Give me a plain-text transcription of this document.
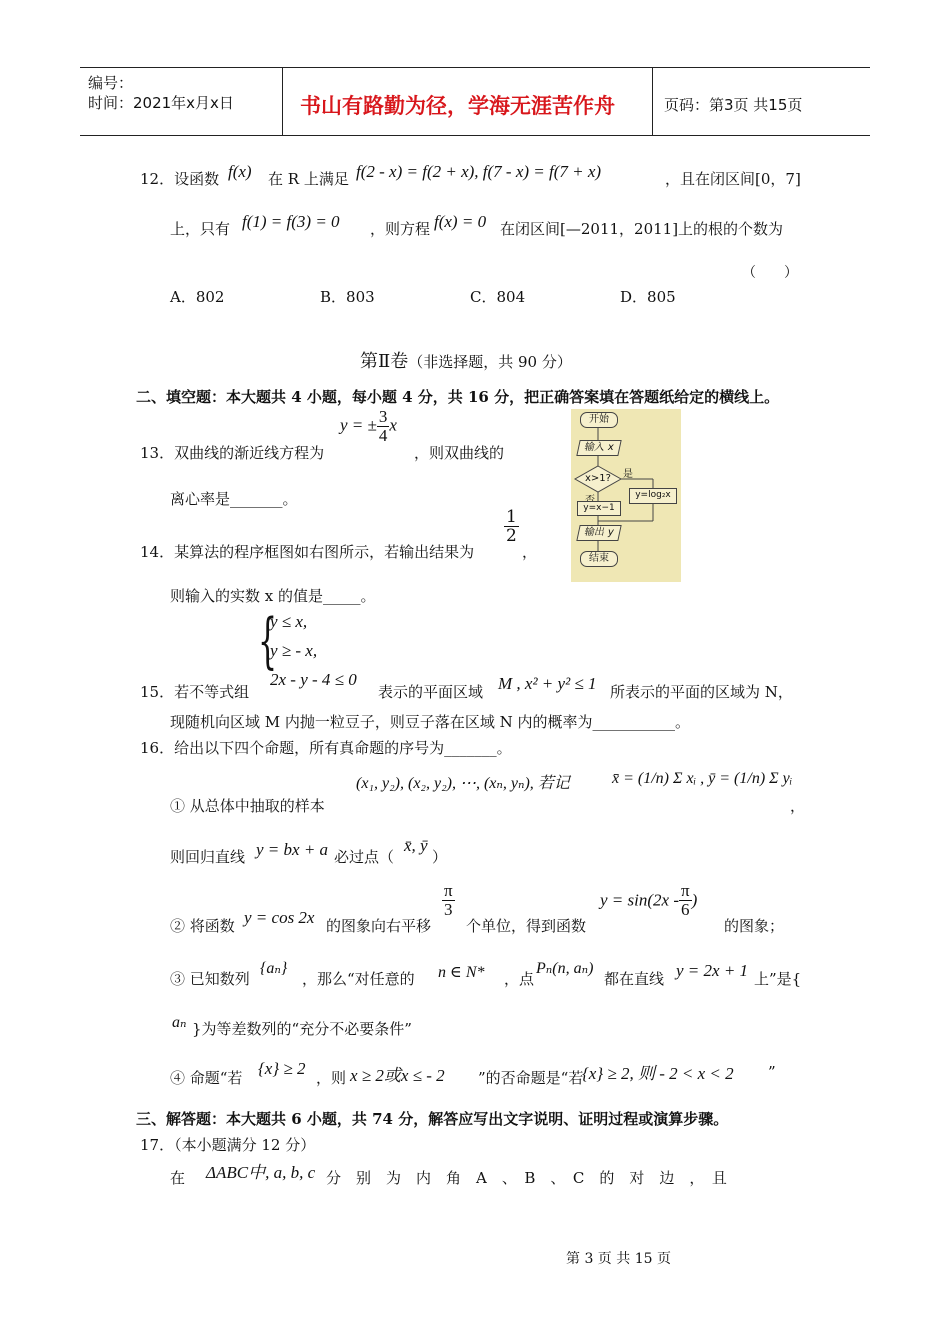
编号：
时间：2021年x月x日	书山有路勤为径，学海无涯苦作舟	页码：第3页 共15页
12．设函数 f(x) 在 R 上满足 f(2 - x) = f(2 + x), f(7 - x) = f(7 + x)	，且在闭区间[0，7]
上，只有 f(1) = f(3) = 0 ，则方程 f(x) = 0 在闭区间[—2011，2011]上的根的个数为
（　　）
A．802	B．803	C．804	D．805
第Ⅱ卷（非选择题，共 90 分）
二、填空题：本大题共 4 小题，每小题 4 分，共 16 分，把正确答案填在答题纸给定的横线上。
13．双曲线的渐近线方程为
y = ± $\frac{3}{4}$ x
，则双曲线的
离心率是_______。
14．某算法的程序框图如右图所示，若输出结果为
$\frac{1}{2}$
，
则输入的实数 x 的值是_____。
开始
输入 x
x>1? 是
y=log₂x
y=x−1
输出 y
结束
{
y ≤ x,
y ≥ - x,
2x - y - 4 ≤ 0
15．若不等式组	表示的平面区域 M , x² + y² ≤ 1 所表示的平面的区域为 N，
现随机向区域 M 内抛一粒豆子，则豆子落在区域 N 内的概率为___________。
16．给出以下四个命题，所有真命题的序号为_______。
(x₁, y₂), (x₂, y₂), ⋯, (xₙ, yₙ), 若记	x̄ = (1/n) Σ xᵢ , ȳ = (1/n) Σ yᵢ
① 从总体中抽取的样本	，
则回归直线 y = bx + a 必过点（
x̄, ȳ
）
② 将函数 y = cos 2x 的图象向右平移
$\frac{\pi}{3}$
个单位，得到函数
$y = \sin(2x - \frac{\pi}{6}$ )
的图象；
③ 已知数列
{aₙ}
，那么“对任意的 n ∈ N* ，点
Pₙ(n, aₙ)
都在直线 y = 2x + 1 上”是{
aₙ }为等差数列的“充分不必要条件”
④ 命题“若 {x} ≥ 2 ，则 x ≥ 2或x ≤ - 2 ”的否命题是“若
{x} ≥ 2, 则 - 2 < x < 2 ”
三、解答题：本大题共 6 小题，共 74 分，解答应写出文字说明、证明过程或演算步骤。
17．（本小题满分 12 分）
在 ΔABC中, a, b, c 分　别　为　内　角　A　、　B　、　C　的　对　边　，　且
第 3 页 共 15 页
